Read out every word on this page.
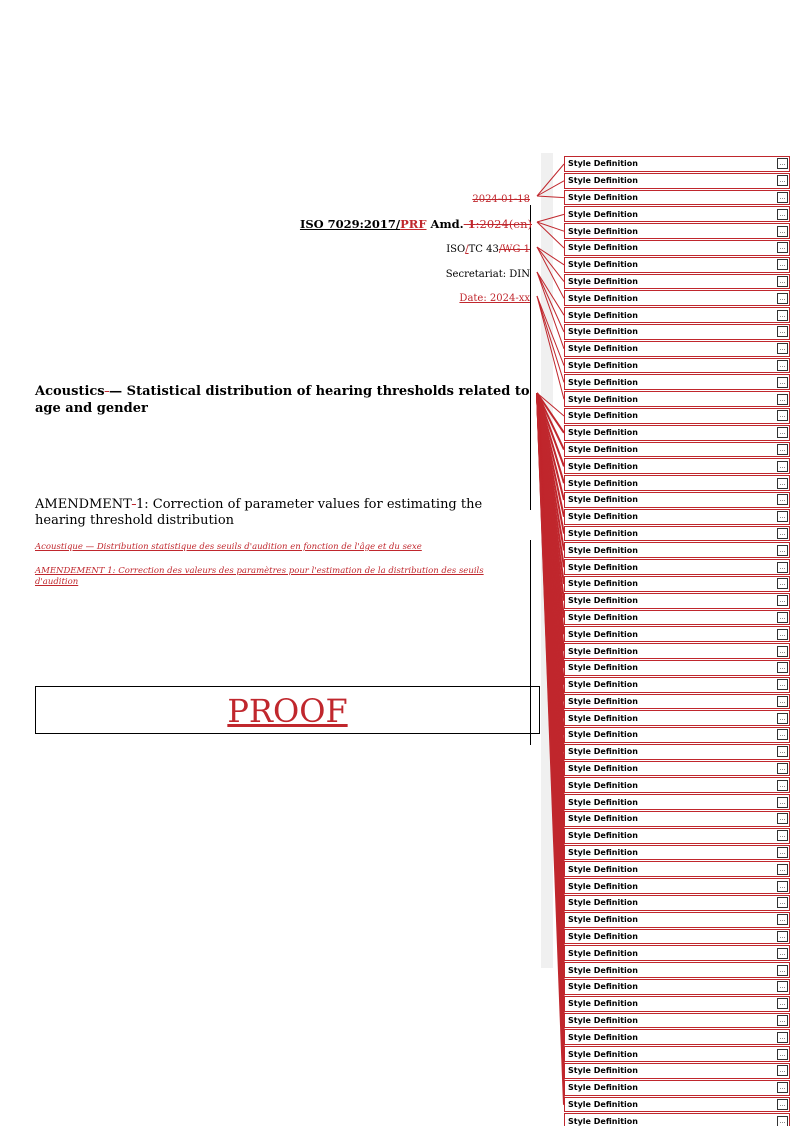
2024-01-18
ISO 7029:2017/PRF Amd. 1:2024(en)
ISO/TC 43/WG 1
Secretariat: DIN
Date: 2024-xx
Acoustics — Statistical distribution of hearing thresholds related to age and gender
AMENDMENT 1: Correction of parameter values for estimating the hearing threshold distribution
Acoustique — Distribution statistique des seuils d'audition en fonction de l'âge et du sexe
AMENDEMENT 1: Correction des valeurs des paramètres pour l'estimation de la distribution des seuils d'audition
PROOF
Style Definition	...
Style Definition	...
Style Definition	...
Style Definition	...
Style Definition	...
Style Definition	...
Style Definition	...
Style Definition	...
Style Definition	...
Style Definition	...
Style Definition	...
Style Definition	...
Style Definition	...
Style Definition	...
Style Definition	...
Style Definition	...
Style Definition	...
Style Definition	...
Style Definition	...
Style Definition	...
Style Definition	...
Style Definition	...
Style Definition	...
Style Definition	...
Style Definition	...
Style Definition	...
Style Definition	...
Style Definition	...
Style Definition	...
Style Definition	...
Style Definition	...
Style Definition	...
Style Definition	...
Style Definition	...
Style Definition	...
Style Definition	...
Style Definition	...
Style Definition	...
Style Definition	...
Style Definition	...
Style Definition	...
Style Definition	...
Style Definition	...
Style Definition	...
Style Definition	...
Style Definition	...
Style Definition	...
Style Definition	...
Style Definition	...
Style Definition	...
Style Definition	...
Style Definition	...
Style Definition	...
Style Definition	...
Style Definition	...
Style Definition	...
Style Definition	...
Style Definition	...
